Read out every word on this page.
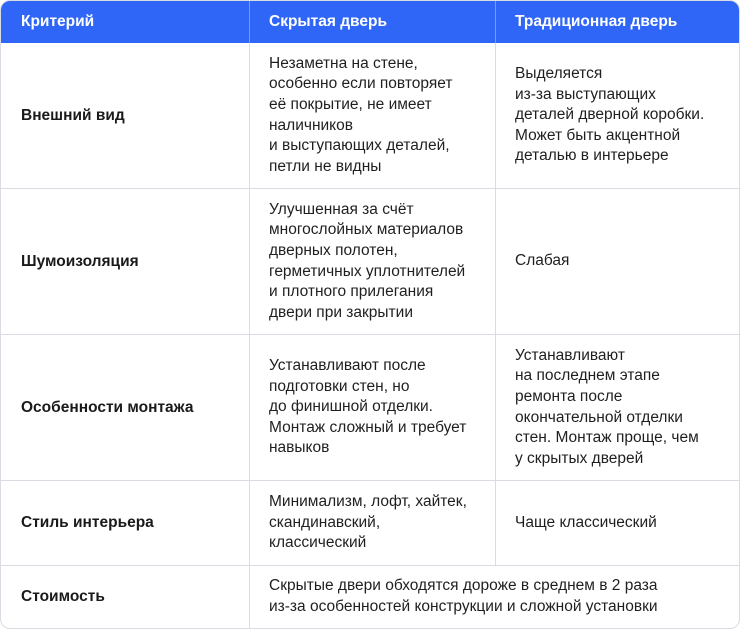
Критерий	Скрытая дверь	Традиционная дверь
Внешний вид
Незаметна на стене,
особенно если повторяет
eё покрытие, не имеет
наличников
и выступающих деталей,
петли не видны
Выделяется
из-за выступающих
деталей дверной коробки.
Может быть акцентной
деталью в интерьере
Шумоизоляция
Улучшенная за счёт
многослойных материалов
дверных полотен,
герметичных уплотнителей
и плотного прилегания
двери при закрытии
Слабая
Особенности монтажа
Устанавливают после
подготовки стен, но
до финишной отделки.
Монтаж сложный и требует
навыков
Устанавливают
на последнем этапе
ремонта после
окончательной отделки
стен. Монтаж проще, чем
у скрытых дверей
Стиль интерьера
Минимализм, лофт, хайтек,
скандинавский,
классический
Чаще классический
Стоимость
Скрытые двери обходятся дороже в среднем в 2 раза
из-за особенностей конструкции и сложной установки
